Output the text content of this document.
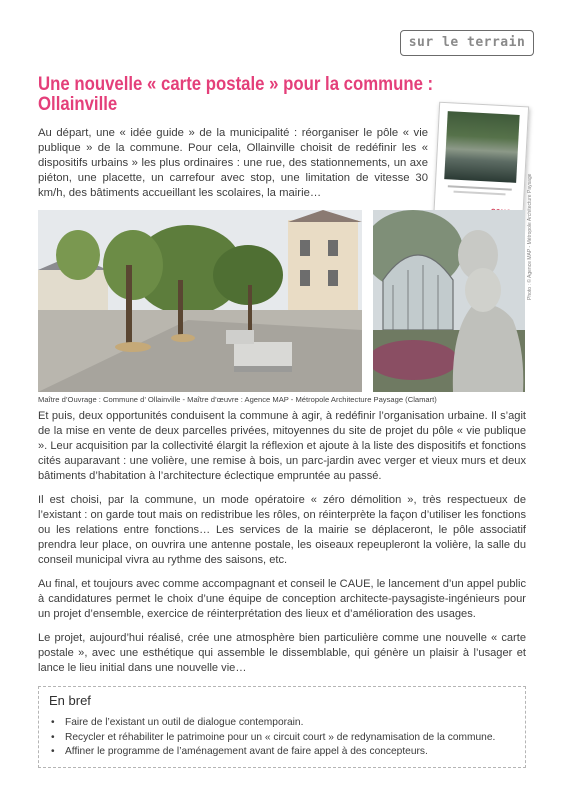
sur le terrain
Une nouvelle « carte postale » pour la commune : Ollainville

Au départ, une « idée guide » de la municipalité : réorganiser le pôle « vie publique » de la commune. Pour cela, Ollainville choisit de redéfinir les « dispositifs urbains » les plus ordinaires : une rue, des stationnements, un axe piéton, une placette, un carrefour avec stop, une limitation de vitesse 30 km/h, des bâtiments accueillant les scolaires, la mairie…	Photo : © Agence MAP - Métropole Architecture Paysage
Maître d’Ouvrage : Commune d’ Ollainville - Maître d’œuvre : Agence MAP - Métropole Architecture Paysage (Clamart)

Et puis, deux opportunités conduisent la commune à agir, à redéfinir l’organisation urbaine. Il s’agit de la mise en vente de deux parcelles privées, mitoyennes du site de projet du pôle « vie publique ». Leur acquisition par la collectivité élargit la réflexion et ajoute à la liste des dispositifs et fonctions cités auparavant : une volière, une remise à bois, un parc-jardin avec verger et vieux murs et deux bâtiments d’habitation à l’architecture éclectique empruntée au passé.

Il est choisi, par la commune, un mode opératoire « zéro démolition », très respectueux de l’existant : on garde tout mais on redistribue les rôles, on réinterprète la façon d’utiliser les fonctions ou les relations entre fonctions… Les services de la mairie se déplaceront, le pôle associatif prendra leur place, on ouvrira une antenne postale, les oiseaux repeupleront la volière, la salle du conseil municipal vivra au rythme des saisons, etc.

Au final, et toujours avec comme accompagnant et conseil le CAUE, le lancement d’un appel public à candidatures permet le choix d’une équipe de conception architecte-paysagiste-ingénieurs pour un projet d’ensemble, exercice de réinterprétation des lieux et d’amélioration des usages.

Le projet, aujourd’hui réalisé, crée une atmosphère bien particulière comme une nouvelle « carte postale », avec une esthétique qui assemble le dissemblable, qui génère un plaisir à l’usager et lance le lieu initial dans une nouvelle vie…

En bref
• Faire de l’existant un outil de dialogue contemporain.
• Recycler et réhabiliter le patrimoine pour un « circuit court » de redynamisation de la commune.
• Affiner le programme de l’aménagement avant de faire appel à des concepteurs.
